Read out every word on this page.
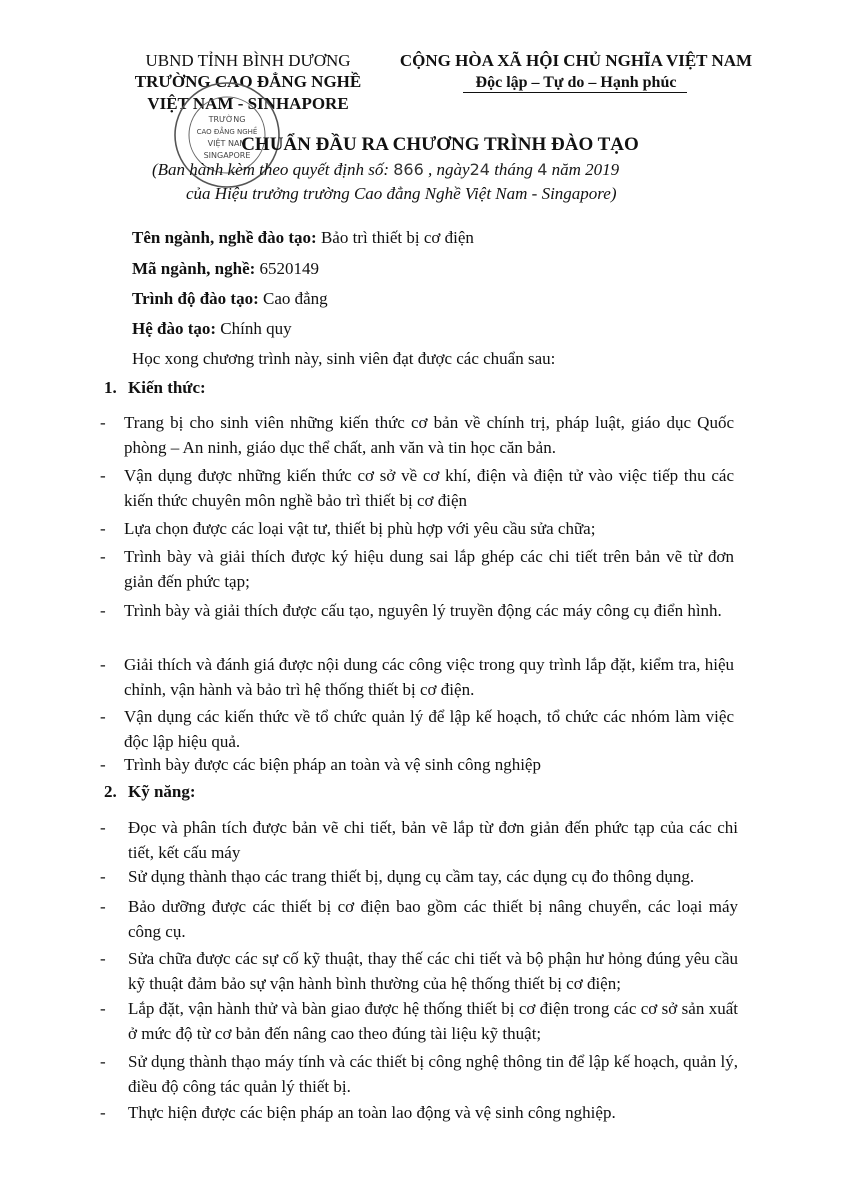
UBND TỈNH BÌNH DƯƠNG
TRƯỜNG CAO ĐẲNG NGHỀ
VIỆT NAM - SINHAPORE
CỘNG HÒA XÃ HỘI CHỦ NGHĨA VIỆT NAM
Độc lập – Tự do – Hạnh phúc
TRƯỜNG
CAO ĐẲNG NGHỀ
VIỆT NAM
SINGAPORE
CHUẨN ĐẦU RA CHƯƠNG TRÌNH ĐÀO TẠO
(Ban hành kèm theo quyết định số: 866 , ngày24 tháng 4 năm 2019
của Hiệu trưởng trường Cao đẳng Nghề Việt Nam - Singapore)
Tên ngành, nghề đào tạo: Bảo trì thiết bị cơ điện
Mã ngành, nghề: 6520149
Trình độ đào tạo: Cao đẳng
Hệ đào tạo: Chính quy
Học xong chương trình này, sinh viên đạt được các chuẩn sau:
1. Kiến thức:
- Trang bị cho sinh viên những kiến thức cơ bản về chính trị, pháp luật, giáo dục Quốc phòng – An ninh, giáo dục thể chất, anh văn và tin học căn bản.
- Vận dụng được những kiến thức cơ sở về cơ khí, điện và điện tử vào việc tiếp thu các kiến thức chuyên môn nghề bảo trì thiết bị cơ điện
- Lựa chọn được các loại vật tư, thiết bị phù hợp với yêu cầu sửa chữa;
- Trình bày và giải thích được ký hiệu dung sai lắp ghép các chi tiết trên bản vẽ từ đơn giản đến phức tạp;
- Trình bày và giải thích được cấu tạo, nguyên lý truyền động các máy công cụ điển hình.
- Giải thích và đánh giá được nội dung các công việc trong quy trình lắp đặt, kiểm tra, hiệu chỉnh, vận hành và bảo trì hệ thống thiết bị cơ điện.
- Vận dụng các kiến thức về tổ chức quản lý để lập kế hoạch, tổ chức các nhóm làm việc độc lập hiệu quả.
- Trình bày được các biện pháp an toàn và vệ sinh công nghiệp
2. Kỹ năng:
- Đọc và phân tích được bản vẽ chi tiết, bản vẽ lắp từ đơn giản đến phức tạp của các chi tiết, kết cấu máy
- Sử dụng thành thạo các trang thiết bị, dụng cụ cầm tay, các dụng cụ đo thông dụng.
- Bảo dưỡng được các thiết bị cơ điện bao gồm các thiết bị nâng chuyển, các loại máy công cụ.
- Sửa chữa được các sự cố kỹ thuật, thay thế các chi tiết và bộ phận hư hỏng đúng yêu cầu kỹ thuật đảm bảo sự vận hành bình thường của hệ thống thiết bị cơ điện;
- Lắp đặt, vận hành thử và bàn giao được hệ thống thiết bị cơ điện trong các cơ sở sản xuất ở mức độ từ cơ bản đến nâng cao theo đúng tài liệu kỹ thuật;
- Sử dụng thành thạo máy tính và các thiết bị công nghệ thông tin để lập kế hoạch, quản lý, điều độ công tác quản lý thiết bị.
- Thực hiện được các biện pháp an toàn lao động và vệ sinh công nghiệp.
